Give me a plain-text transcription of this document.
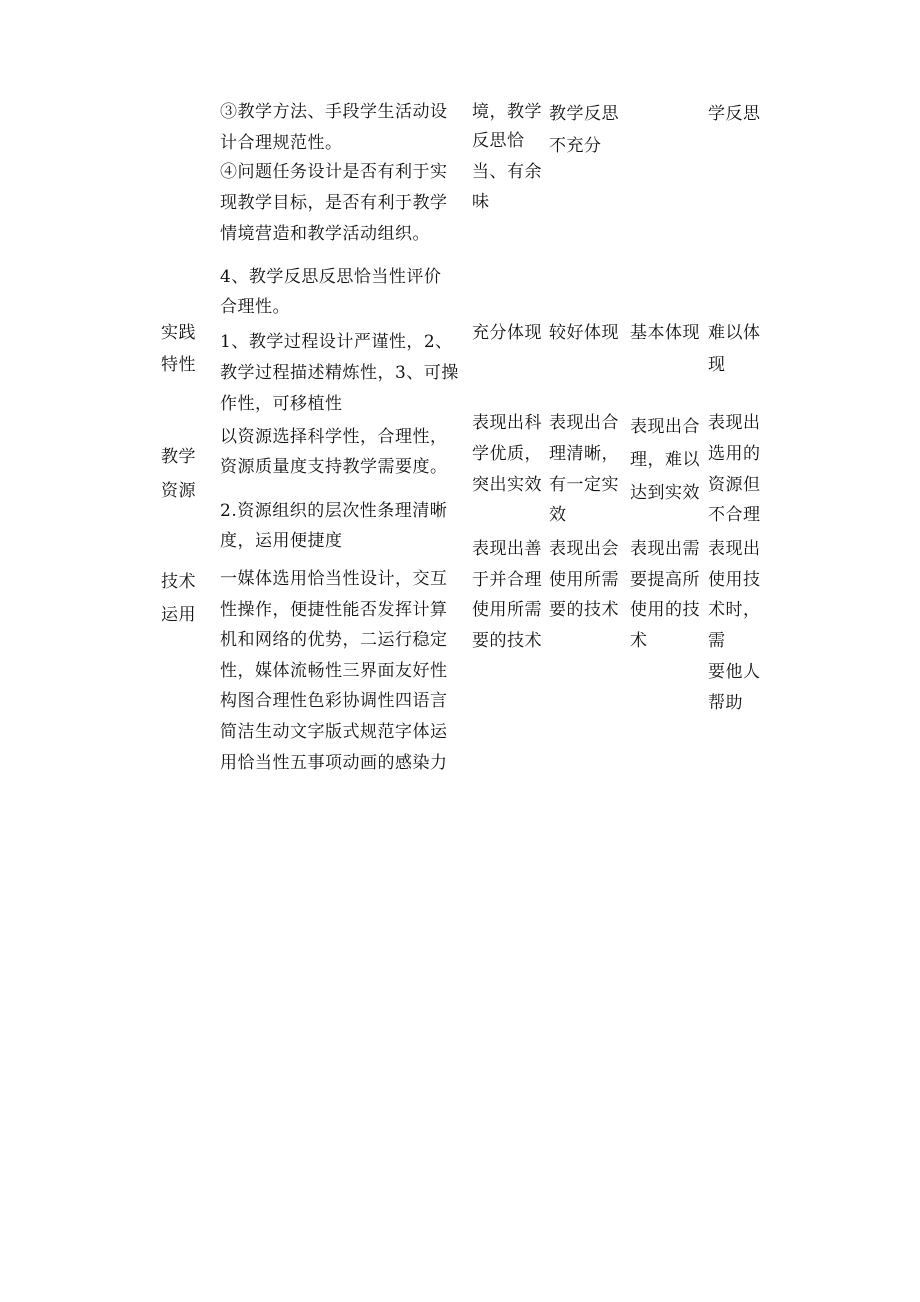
③教学方法、手段学生活动设
计合理规范性。
④问题任务设计是否有利于实
现教学目标，是否有利于教学
情境营造和教学活动组织。
境，教学
反思恰
当、有余
味
教学反思
不充分
学反思
4、教学反思反思恰当性评价
合理性。
实践
特性
1、教学过程设计严谨性，2、
教学过程描述精炼性，3、可操
作性，可移植性
充分体现 较好体现 基本体现 难以体
现
教学
资源
以资源选择科学性，合理性，
资源质量度支持教学需要度。
2.资源组织的层次性条理清晰
度，运用便捷度
表现出科
学优质，
突出实效
表现出合
理清晰，
有一定实
效
表现出合
理，难以
达到实效
表现出
选用的
资源但
不合理
技术
运用
一媒体选用恰当性设计，交互
性操作，便捷性能否发挥计算
机和网络的优势，二运行稳定
性，媒体流畅性三界面友好性
构图合理性色彩协调性四语言
简洁生动文字版式规范字体运
用恰当性五事项动画的感染力
表现出善
于并合理
使用所需
要的技术
表现出会
使用所需
要的技术
表现出需
要提高所
使用的技
术
表现出
使用技
术时，
需
要他人
帮助
